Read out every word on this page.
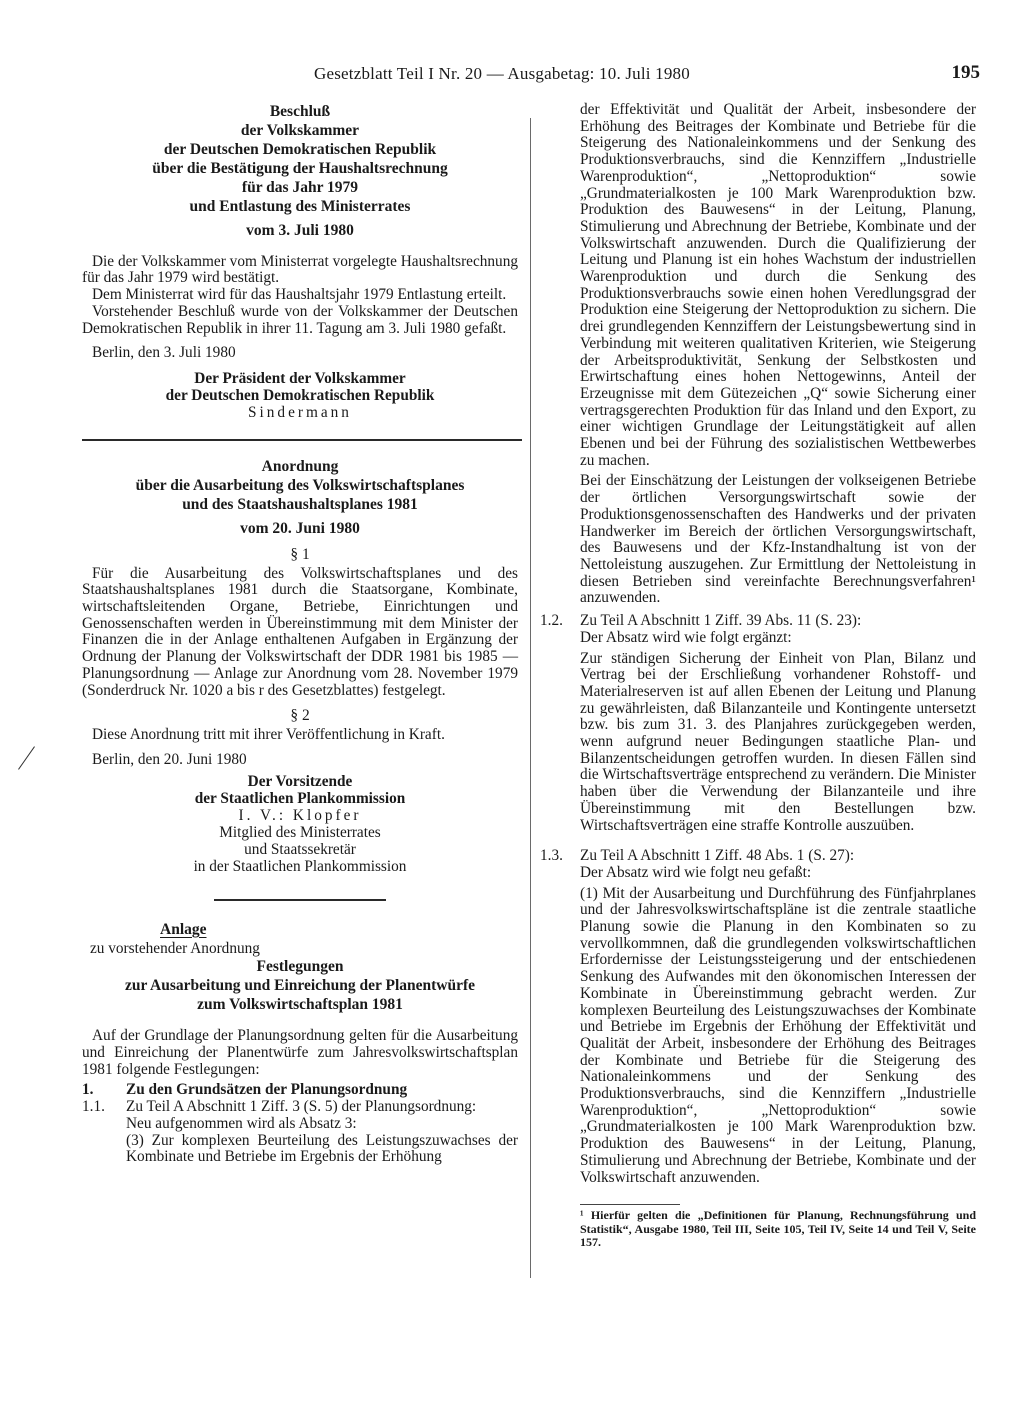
Gesetzblatt Teil I Nr. 20 — Ausgabetag: 10. Juli 1980	195

Beschluß

der Volkskammer

der Deutschen Demokratischen Republik

über die Bestätigung der Haushaltsrechnung

für das Jahr 1979

und Entlastung des Ministerrates

vom 3. Juli 1980

Die der Volkskammer vom Ministerrat vorgelegte Haushaltsrechnung für das Jahr 1979 wird bestätigt.

Dem Ministerrat wird für das Haushaltsjahr 1979 Entlastung erteilt.

Vorstehender Beschluß wurde von der Volkskammer der Deutschen Demokratischen Republik in ihrer 11. Tagung am 3. Juli 1980 gefaßt.

Berlin, den 3. Juli 1980

Der Präsident der Volkskammer
der Deutschen Demokratischen Republik
Sindermann

Anordnung

über die Ausarbeitung des Volkswirtschaftsplanes

und des Staatshaushaltsplanes 1981

vom 20. Juni 1980

§ 1

Für die Ausarbeitung des Volkswirtschaftsplanes und des Staatshaushaltsplanes 1981 durch die Staatsorgane, Kombinate, wirtschaftsleitenden Organe, Betriebe, Einrichtungen und Genossenschaften werden in Übereinstimmung mit dem Minister der Finanzen die in der Anlage enthaltenen Aufgaben in Ergänzung der Ordnung der Planung der Volkswirtschaft der DDR 1981 bis 1985 — Planungsordnung — Anlage zur Anordnung vom 28. November 1979 (Sonderdruck Nr. 1020 a bis r des Gesetzblattes) festgelegt.

§ 2

Diese Anordnung tritt mit ihrer Veröffentlichung in Kraft.

Berlin, den 20. Juni 1980

Der Vorsitzende
der Staatlichen Plankommission
I. V.: Klopfer
Mitglied des Ministerrates
und Staatssekretär
in der Staatlichen Plankommission
Anlage

zu vorstehender Anordnung

Festlegungen

zur Ausarbeitung und Einreichung der Planentwürfe

zum Volkswirtschaftsplan 1981

Auf der Grundlage der Planungsordnung gelten für die Ausarbeitung und Einreichung der Planentwürfe zum Jahresvolkswirtschaftsplan 1981 folgende Festlegungen:

1.	Zu den Grundsätzen der Planungsordnung
1.1.	Zu Teil A Abschnitt 1 Ziff. 3 (S. 5) der Planungsordnung:

Neu aufgenommen wird als Absatz 3:

(3) Zur komplexen Beurteilung des Leistungszuwachses der Kombinate und Betriebe im Ergebnis der Erhöhung

der Effektivität und Qualität der Arbeit, insbesondere der Erhöhung des Beitrages der Kombinate und Betriebe für die Steigerung des Nationaleinkommens und der Senkung des Produktionsverbrauchs, sind die Kennziffern „Industrielle Warenproduktion“, „Nettoproduktion“ sowie „Grundmaterialkosten je 100 Mark Warenproduktion bzw. Produktion des Bauwesens“ in der Leitung, Planung, Stimulierung und Abrechnung der Betriebe, Kombinate und der Volkswirtschaft anzuwenden. Durch die Qualifizierung der Leitung und Planung ist ein hohes Wachstum der industriellen Warenproduktion und durch die Senkung des Produktionsverbrauchs sowie einen hohen Veredlungsgrad der Produktion eine Steigerung der Nettoproduktion zu sichern. Die drei grundlegenden Kennziffern der Leistungsbewertung sind in Verbindung mit weiteren qualitativen Kriterien, wie Steigerung der Arbeitsproduktivität, Senkung der Selbstkosten und Erwirtschaftung eines hohen Nettogewinns, Anteil der Erzeugnisse mit dem Gütezeichen „Q“ sowie Sicherung einer vertragsgerechten Produktion für das Inland und den Export, zu einer wichtigen Grundlage der Leitungstätigkeit auf allen Ebenen und bei der Führung des sozialistischen Wettbewerbes zu machen.

Bei der Einschätzung der Leistungen der volkseigenen Betriebe der örtlichen Versorgungswirtschaft sowie der Produktionsgenossenschaften des Handwerks und der privaten Handwerker im Bereich der örtlichen Versorgungswirtschaft, des Bauwesens und der Kfz-Instandhaltung ist von der Nettoleistung auszugehen. Zur Ermittlung der Nettoleistung in diesen Betrieben sind vereinfachte Berechnungsverfahren¹ anzuwenden.

1.2.	Zu Teil A Abschnitt 1 Ziff. 39 Abs. 11 (S. 23):

Der Absatz wird wie folgt ergänzt:

Zur ständigen Sicherung der Einheit von Plan, Bilanz und Vertrag bei der Erschließung vorhandener Rohstoff- und Materialreserven ist auf allen Ebenen der Leitung und Planung zu gewährleisten, daß Bilanzanteile und Kontingente untersetzt bzw. bis zum 31. 3. des Planjahres zurückgegeben werden, wenn aufgrund neuer Bedingungen staatliche Plan- und Bilanzentscheidungen getroffen wurden. In diesen Fällen sind die Wirtschaftsverträge entsprechend zu verändern. Die Minister haben über die Verwendung der Bilanzanteile und ihre Übereinstimmung mit den Bestellungen bzw. Wirtschaftsverträgen eine straffe Kontrolle auszuüben.

1.3.	Zu Teil A Abschnitt 1 Ziff. 48 Abs. 1 (S. 27):

Der Absatz wird wie folgt neu gefaßt:

(1) Mit der Ausarbeitung und Durchführung des Fünfjahrplanes und der Jahresvolkswirtschaftspläne ist die zentrale staatliche Planung sowie die Planung in den Kombinaten so zu vervollkommnen, daß die grundlegenden volkswirtschaftlichen Erfordernisse der Leistungssteigerung und der entschiedenen Senkung des Aufwandes mit den ökonomischen Interessen der Kombinate in Übereinstimmung gebracht werden. Zur komplexen Beurteilung des Leistungszuwachses der Kombinate und Betriebe im Ergebnis der Erhöhung der Effektivität und Qualität der Arbeit, insbesondere der Erhöhung des Beitrages der Kombinate und Betriebe für die Steigerung des Nationaleinkommens und der Senkung des Produktionsverbrauchs, sind die Kennziffern „Industrielle Warenproduktion“, „Nettoproduktion“ sowie „Grundmaterialkosten je 100 Mark Warenproduktion bzw. Produktion des Bauwesens“ in der Leitung, Planung, Stimulierung und Abrechnung der Betriebe, Kombinate und der Volkswirtschaft anzuwenden.

¹ Hierfür gelten die „Definitionen für Planung, Rechnungsführung und Statistik“, Ausgabe 1980, Teil III, Seite 105, Teil IV, Seite 14 und Teil V, Seite 157.
